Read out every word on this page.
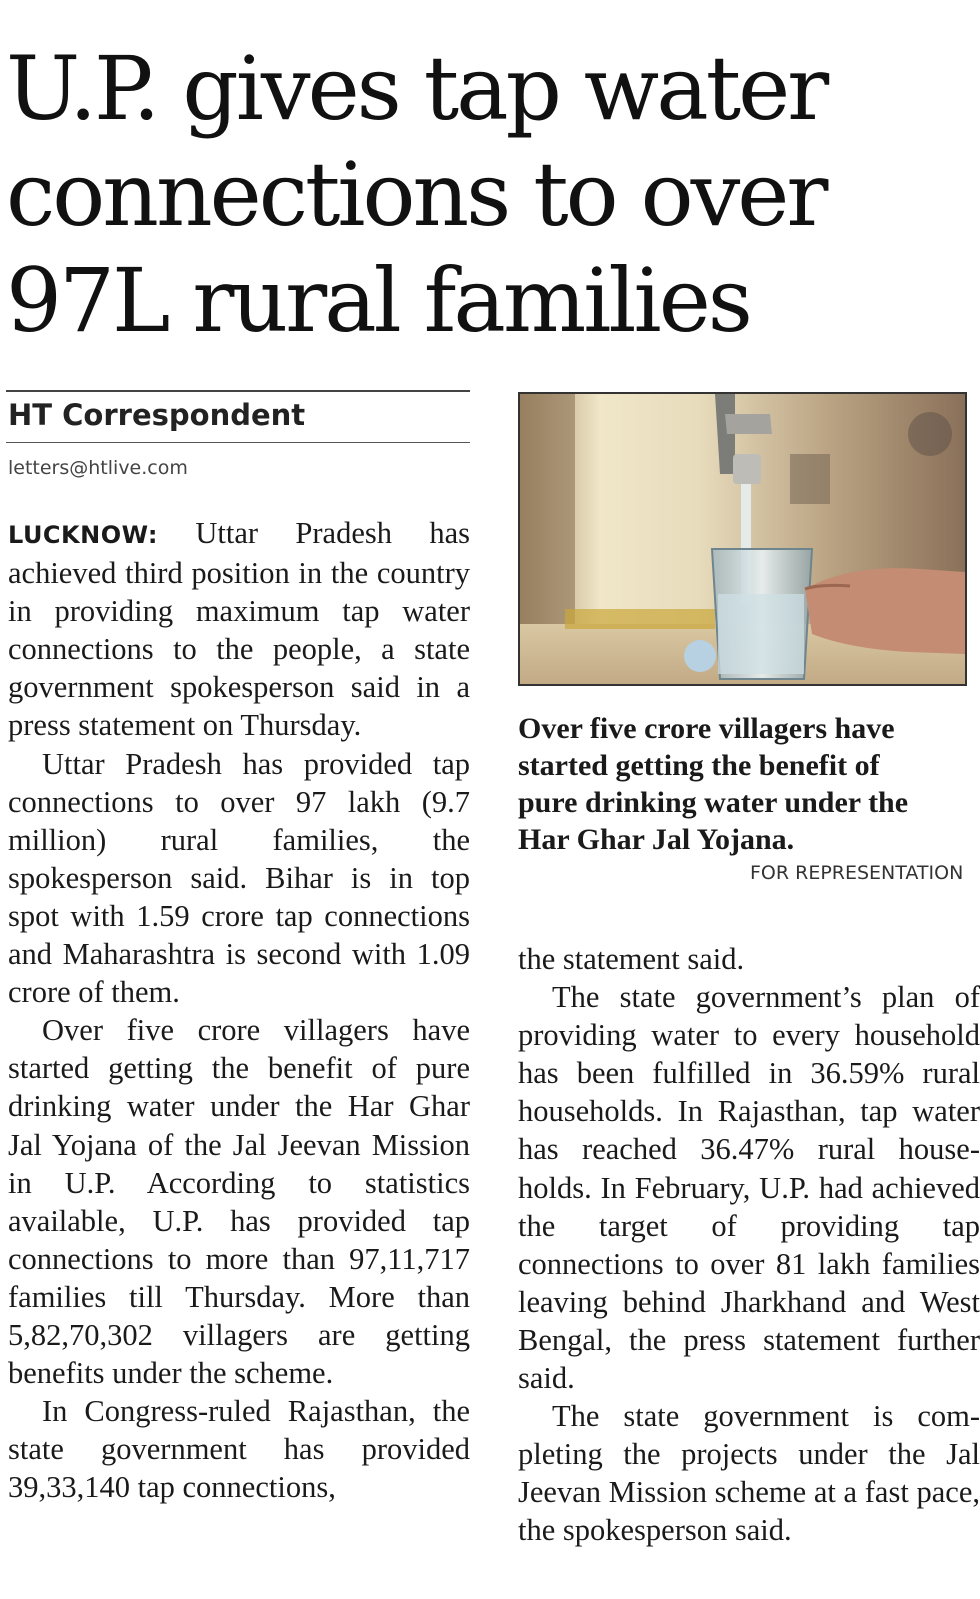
U.P. gives tap water connections to over 97L rural families
HT Correspondent
letters@htlive.com

LUCKNOW: Uttar Pradesh has achieved third position in the country in providing maximum tap water connections to the people, a state government spokesperson said in a press statement on Thursday.

Uttar Pradesh has provided tap connections to over 97 lakh (9.7 million) rural families, the spokesperson said. Bihar is in top spot with 1.59 crore tap connections and Maharashtra is second with 1.09 crore of them.

Over five crore villagers have started getting the benefit of pure drinking water under the Har Ghar Jal Yojana of the Jal Jeevan Mission in U.P. According to statistics available, U.P. has provided tap connections to more than 97,11,717 families till Thursday. More than 5,82,70,302 villagers are getting benefits under the scheme.

In Congress-ruled Rajasthan, the state government has provided 39,33,140 tap connections,

Over five crore villagers have
started getting the benefit of
pure drinking water under the
Har Ghar Jal Yojana.
FOR REPRESENTATION

the statement said.

The state government’s plan of providing water to every household has been fulfilled in 36.59% rural households. In Rajasthan, tap water has reached 36.47% rural households. In February, U.P. had achieved the target of providing tap connections to over 81 lakh families leaving behind Jharkhand and West Bengal, the press statement further said.

The state government is completing the projects under the Jal Jeevan Mission scheme at a fast pace, the spokesperson said.
